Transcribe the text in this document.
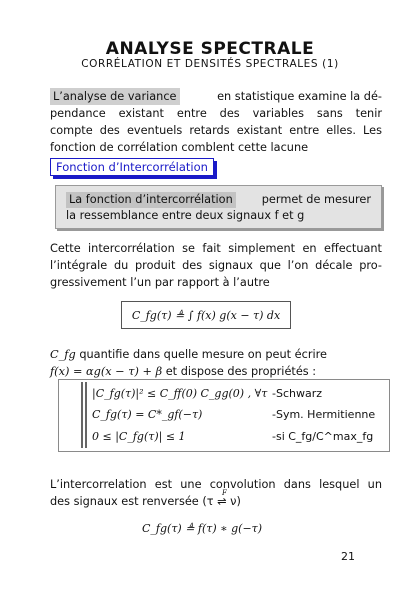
ANALYSE SPECTRALE
CORRÉLATION ET DENSITÉS SPECTRALES (1)
L’analyse de variance	en statistique examine la dé-
pendance existant entre des variables sans tenir
compte des eventuels retards existant entre elles. Les
fonction de corrélation comblent cette lacune
Fonction d’Intercorrélation
La fonction d’intercorrélation	permet de mesurer
la ressemblance entre deux signaux f et g
Cette intercorrélation se fait simplement en effectuant
l’intégrale du produit des signaux que l’on décale pro-
gressivement l’un par rapport à l’autre
C_fg(τ) ≜ ∫ f(x) g(x − τ) dx
C_fg quantifie dans quelle mesure on peut écrire
f(x) = αg(x − τ) + β et dispose des propriétés :
|C_fg(τ)|² ≤ C_ff(0) C_gg(0) , ∀τ -Schwarz
C_fg(τ) = C*_gf(−τ)	-Sym. Hermitienne
0 ≤ |C_fg(τ)| ≤ 1	-si C_fg/C^max_fg
L’intercorrelation est une convolution dans lesquel un
des signaux est renversée (τ ⇌ ν)
F
C_fg(τ) ≜ f(τ) ∗ g(−τ)
21
